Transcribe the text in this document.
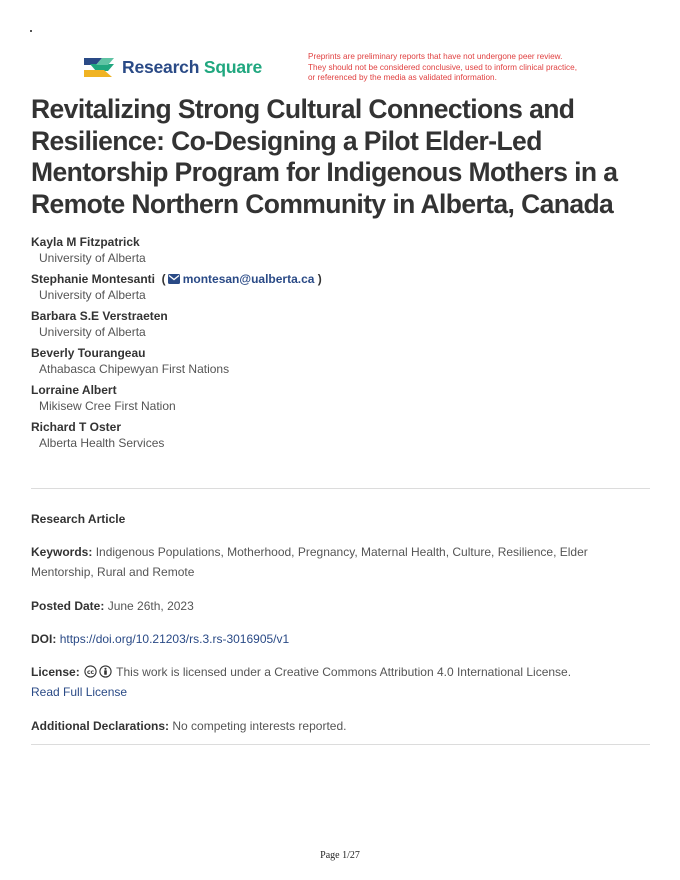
Research Square	Preprints are preliminary reports that have not undergone peer review.
They should not be considered conclusive, used to inform clinical practice,
or referenced by the media as validated information.
Revitalizing Strong Cultural Connections and Resilience: Co-Designing a Pilot Elder-Led Mentorship Program for Indigenous Mothers in a Remote Northern Community in Alberta, Canada
Kayla M Fitzpatrick
University of Alberta
Stephanie Montesanti  ( montesan@ualberta.ca )
University of Alberta
Barbara S.E Verstraeten
University of Alberta
Beverly Tourangeau
Athabasca Chipewyan First Nations
Lorraine Albert
Mikisew Cree First Nation
Richard T Oster
Alberta Health Services
Research Article
Keywords: Indigenous Populations, Motherhood, Pregnancy, Maternal Health, Culture, Resilience, Elder Mentorship, Rural and Remote
Posted Date: June 26th, 2023
DOI: https://doi.org/10.21203/rs.3.rs-3016905/v1
License: cc This work is licensed under a Creative Commons Attribution 4.0 International License.
Read Full License
Additional Declarations: No competing interests reported.
Page 1/27
